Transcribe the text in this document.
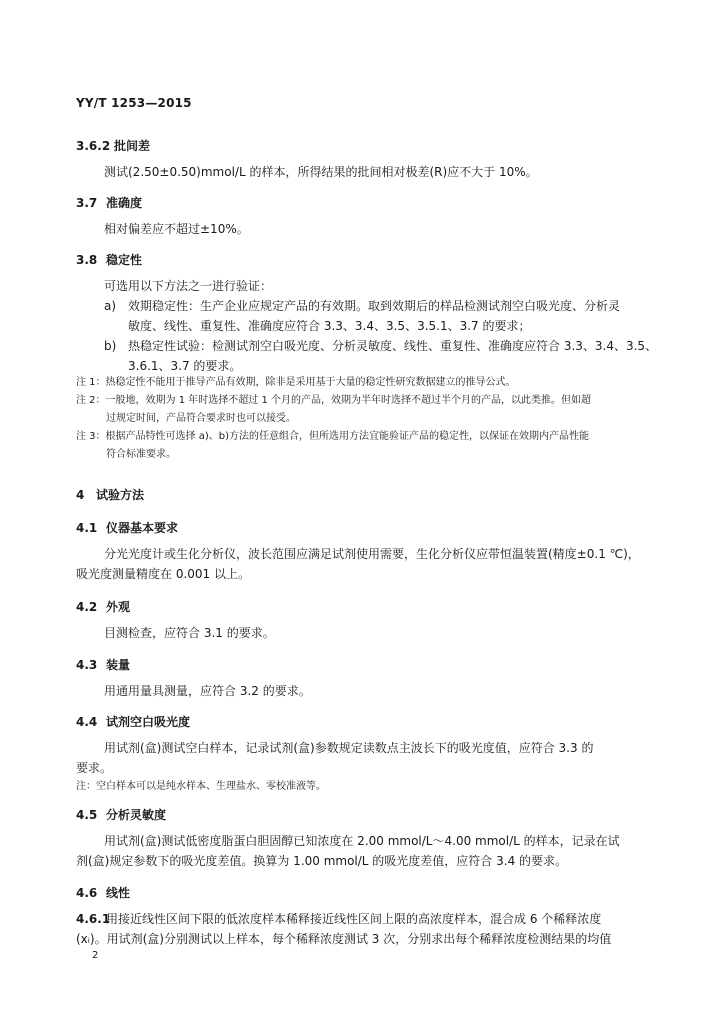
YY/T 1253—2015
3.6.2 批间差
测试(2.50±0.50)mmol/L 的样本，所得结果的批间相对极差(R)应不大于 10%。
3.7 准确度
相对偏差应不超过±10%。
3.8 稳定性
可选用以下方法之一进行验证：
a) 效期稳定性：生产企业应规定产品的有效期。取到效期后的样品检测试剂空白吸光度、分析灵
敏度、线性、重复性、准确度应符合 3.3、3.4、3.5、3.5.1、3.7 的要求；
b) 热稳定性试验：检测试剂空白吸光度、分析灵敏度、线性、重复性、准确度应符合 3.3、3.4、3.5、
3.6.1、3.7 的要求。
注 1：热稳定性不能用于推导产品有效期，除非是采用基于大量的稳定性研究数据建立的推导公式。
注 2：一般地，效期为 1 年时选择不超过 1 个月的产品，效期为半年时选择不超过半个月的产品，以此类推。但如超
过规定时间，产品符合要求时也可以接受。
注 3：根据产品特性可选择 a)、b)方法的任意组合，但所选用方法宜能验证产品的稳定性，以保证在效期内产品性能
符合标准要求。
4 试验方法
4.1 仪器基本要求
分光光度计或生化分析仪，波长范围应满足试剂使用需要，生化分析仪应带恒温装置(精度±0.1 ℃)，
吸光度测量精度在 0.001 以上。
4.2 外观
目测检查，应符合 3.1 的要求。
4.3 装量
用通用量具测量，应符合 3.2 的要求。
4.4 试剂空白吸光度
用试剂(盒)测试空白样本，记录试剂(盒)参数规定读数点主波长下的吸光度值，应符合 3.3 的
要求。
注：空白样本可以是纯水样本、生理盐水、零校准液等。
4.5 分析灵敏度
用试剂(盒)测试低密度脂蛋白胆固醇已知浓度在 2.00 mmol/L～4.00 mmol/L 的样本，记录在试
剂(盒)规定参数下的吸光度差值。换算为 1.00 mmol/L 的吸光度差值，应符合 3.4 的要求。
4.6 线性
4.6.1用接近线性区间下限的低浓度样本稀释接近线性区间上限的高浓度样本，混合成 6 个稀释浓度
(xᵢ)。用试剂(盒)分别测试以上样本，每个稀释浓度测试 3 次，分别求出每个稀释浓度检测结果的均值
2
